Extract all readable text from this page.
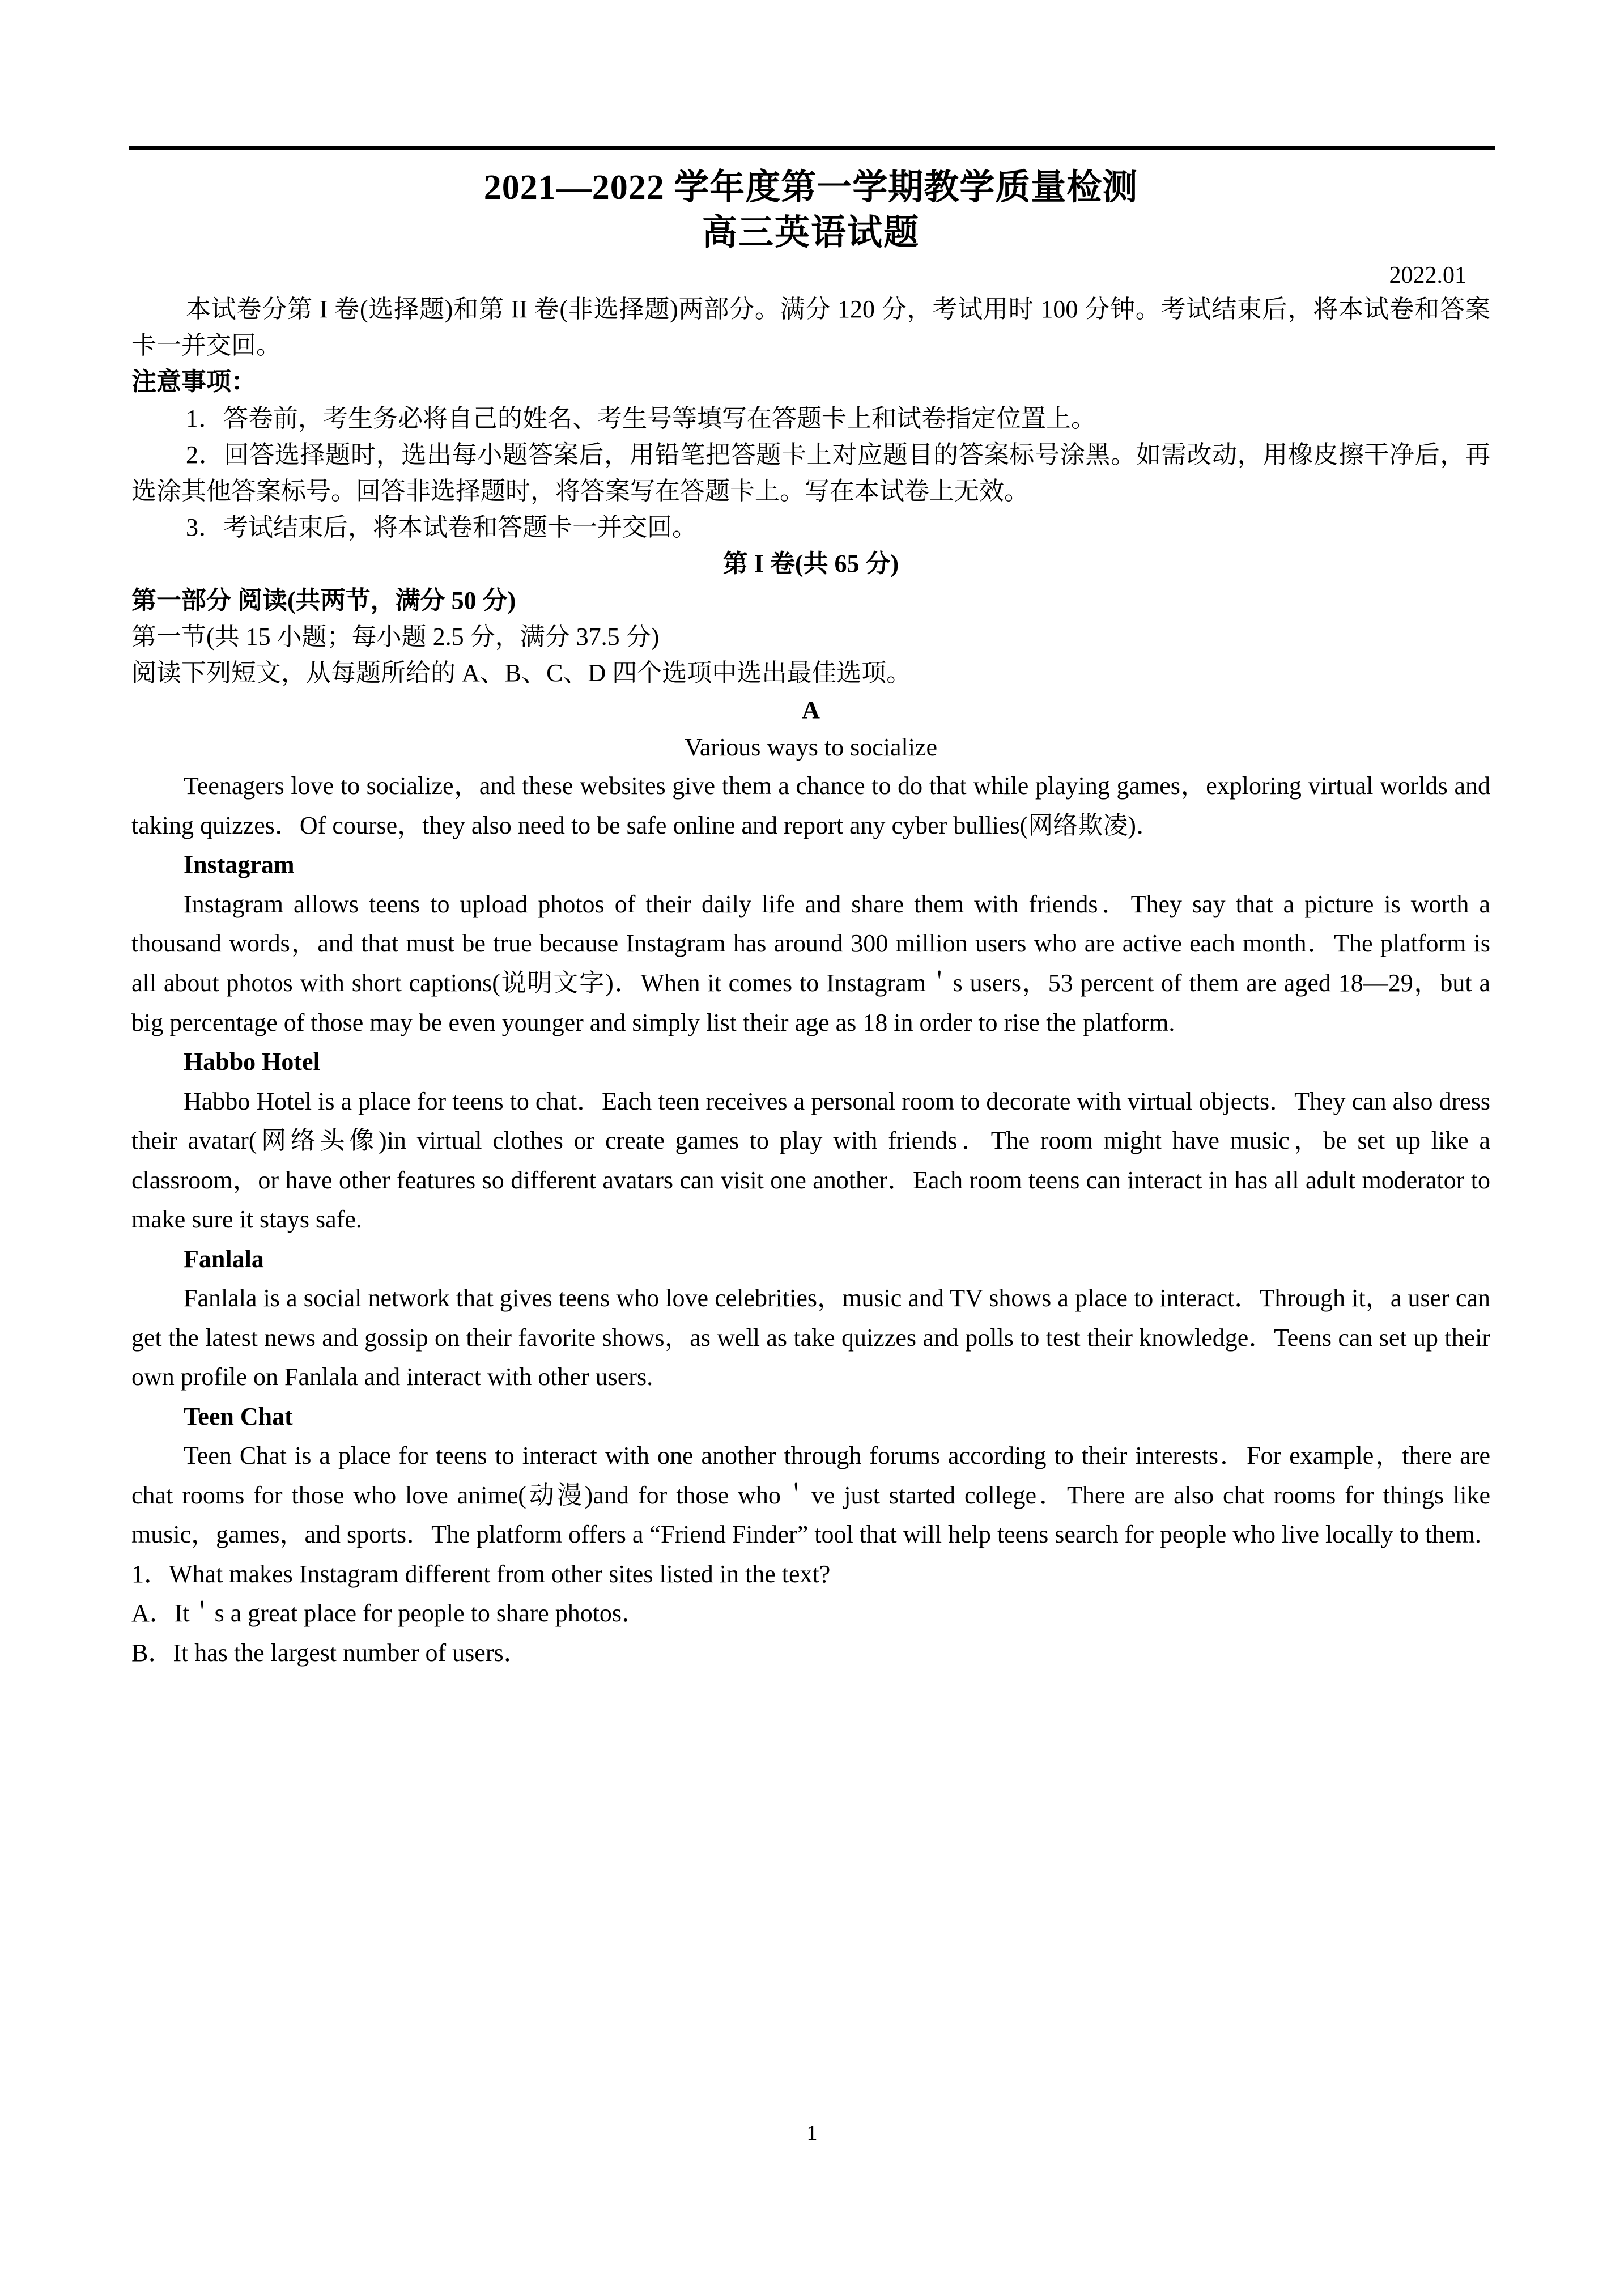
2021—2022 学年度第一学期教学质量检测
高三英语试题
2022.01
本试卷分第 I 卷(选择题)和第 II 卷(非选择题)两部分。满分 120 分，考试用时 100 分钟。考试结束后，将本试卷和答案卡一并交回。
注意事项：
1．答卷前，考生务必将自己的姓名、考生号等填写在答题卡上和试卷指定位置上。
2．回答选择题时，选出每小题答案后，用铅笔把答题卡上对应题目的答案标号涂黑。如需改动，用橡皮擦干净后，再选涂其他答案标号。回答非选择题时，将答案写在答题卡上。写在本试卷上无效。
3．考试结束后，将本试卷和答题卡一并交回。
第 I 卷(共 65 分)
第一部分 阅读(共两节，满分 50 分)
第一节(共 15 小题；每小题 2.5 分，满分 37.5 分)
阅读下列短文，从每题所给的 A、B、C、D 四个选项中选出最佳选项。
A
Various ways to socialize
Teenagers love to socialize，and these websites give them a chance to do that while playing games，exploring virtual worlds and taking quizzes．Of course，they also need to be safe online and report any cyber bullies(网络欺凌)．
Instagram
Instagram allows teens to upload photos of their daily life and share them with friends．They say that a picture is worth a thousand words，and that must be true because Instagram has around 300 million users who are active each month．The platform is all about photos with short captions(说明文字)．When it comes to Instagram＇s users，53 percent of them are aged 18—29，but a big percentage of those may be even younger and simply list their age as 18 in order to rise the platform.
Habbo Hotel
Habbo Hotel is a place for teens to chat．Each teen receives a personal room to decorate with virtual objects．They can also dress their avatar(网络头像)in virtual clothes or create games to play with friends．The room might have music，be set up like a classroom，or have other features so different avatars can visit one another．Each room teens can interact in has all adult moderator to make sure it stays safe.
Fanlala
Fanlala is a social network that gives teens who love celebrities，music and TV shows a place to interact．Through it，a user can get the latest news and gossip on their favorite shows，as well as take quizzes and polls to test their knowledge．Teens can set up their own profile on Fanlala and interact with other users.
Teen Chat
Teen Chat is a place for teens to interact with one another through forums according to their interests．For example，there are chat rooms for those who love anime(动漫)and for those who＇ve just started college．There are also chat rooms for things like music，games，and sports．The platform offers a “Friend Finder” tool that will help teens search for people who live locally to them.
1．What makes Instagram different from other sites listed in the text?
A．It＇s a great place for people to share photos．
B．It has the largest number of users．
1
